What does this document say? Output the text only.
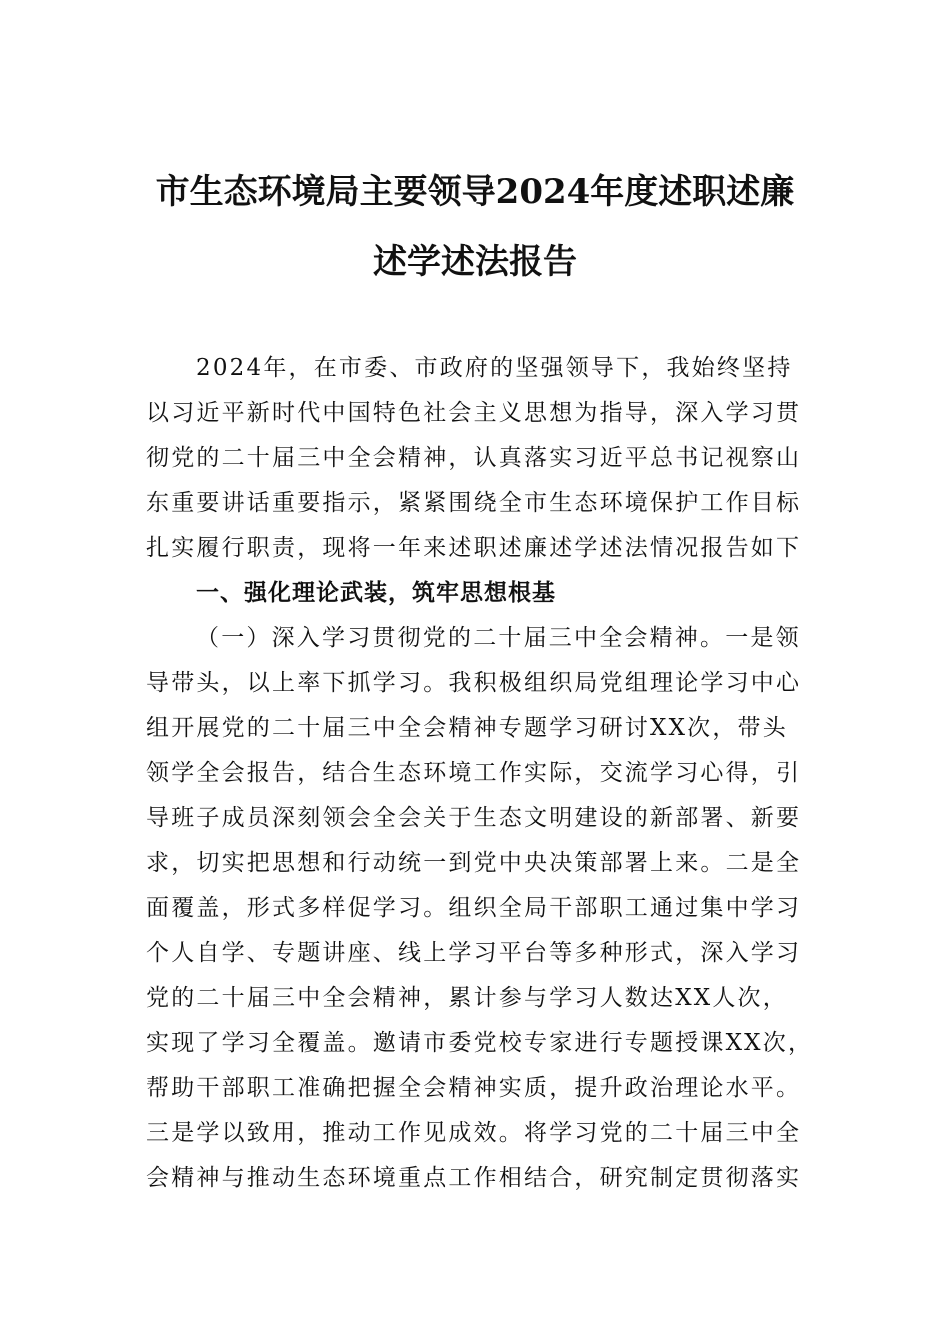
市生态环境局主要领导2024年度述职述廉
述学述法报告
2024年，在市委、市政府的坚强领导下，我始终坚持
以习近平新时代中国特色社会主义思想为指导，深入学习贯
彻党的二十届三中全会精神，认真落实习近平总书记视察山
东重要讲话重要指示，紧紧围绕全市生态环境保护工作目标
扎实履行职责，现将一年来述职述廉述学述法情况报告如下
一、强化理论武装，筑牢思想根基
（一）深入学习贯彻党的二十届三中全会精神。一是领
导带头，以上率下抓学习。我积极组织局党组理论学习中心
组开展党的二十届三中全会精神专题学习研讨XX次，带头
领学全会报告，结合生态环境工作实际，交流学习心得，引
导班子成员深刻领会全会关于生态文明建设的新部署、新要
求，切实把思想和行动统一到党中央决策部署上来。二是全
面覆盖，形式多样促学习。组织全局干部职工通过集中学习
个人自学、专题讲座、线上学习平台等多种形式，深入学习
党的二十届三中全会精神，累计参与学习人数达XX人次，
实现了学习全覆盖。邀请市委党校专家进行专题授课XX次，
帮助干部职工准确把握全会精神实质，提升政治理论水平。
三是学以致用，推动工作见成效。将学习党的二十届三中全
会精神与推动生态环境重点工作相结合，研究制定贯彻落实
